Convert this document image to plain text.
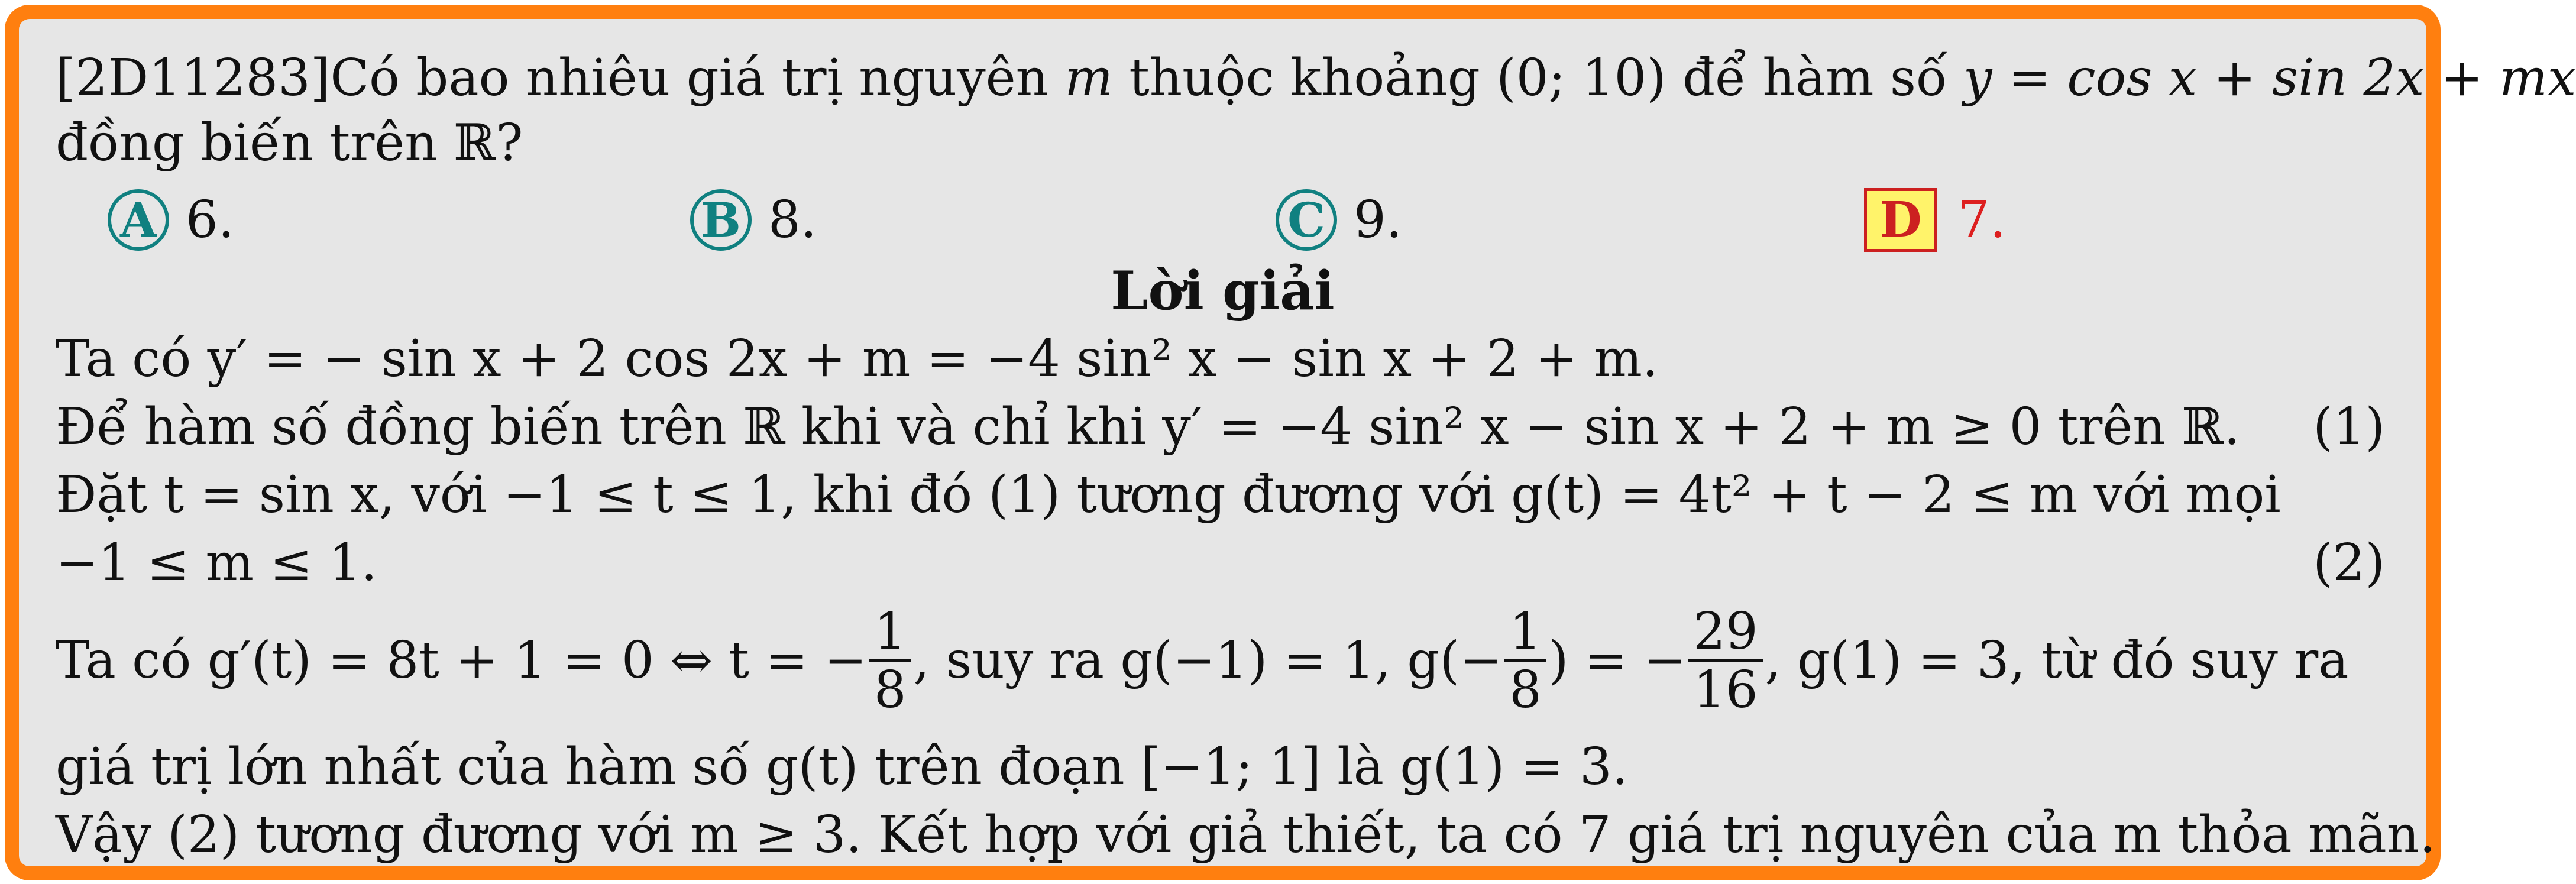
[2D11283]Có bao nhiêu giá trị nguyên m thuộc khoảng (0; 10) để hàm số y = cos x + sin 2x + mx
đồng biến trên ℝ?
A 6.	B 8.	C 9.	D 7.
Lời giải
Ta có y′ = − sin x + 2 cos 2x + m = −4 sin² x − sin x + 2 + m.
Để hàm số đồng biến trên ℝ khi và chỉ khi y′ = −4 sin² x − sin x + 2 + m ≥ 0 trên ℝ.	(1)
Đặt t = sin x, với −1 ≤ t ≤ 1, khi đó (1) tương đương với g(t) = 4t² + t − 2 ≤ m với mọi
−1 ≤ m ≤ 1.	(2)
Ta có g′(t) = 8t + 1 = 0 ⇔ t = − $\frac{1}{8}$ , suy ra g(−1) = 1, $g(- \frac{1}{8}$ ) = − $\frac{29}{16}$ , g(1) = 3, từ đó suy ra
giá trị lớn nhất của hàm số g(t) trên đoạn [−1; 1] là g(1) = 3.
Vậy (2) tương đương với m ≥ 3. Kết hợp với giả thiết, ta có 7 giá trị nguyên của m thỏa mãn.
